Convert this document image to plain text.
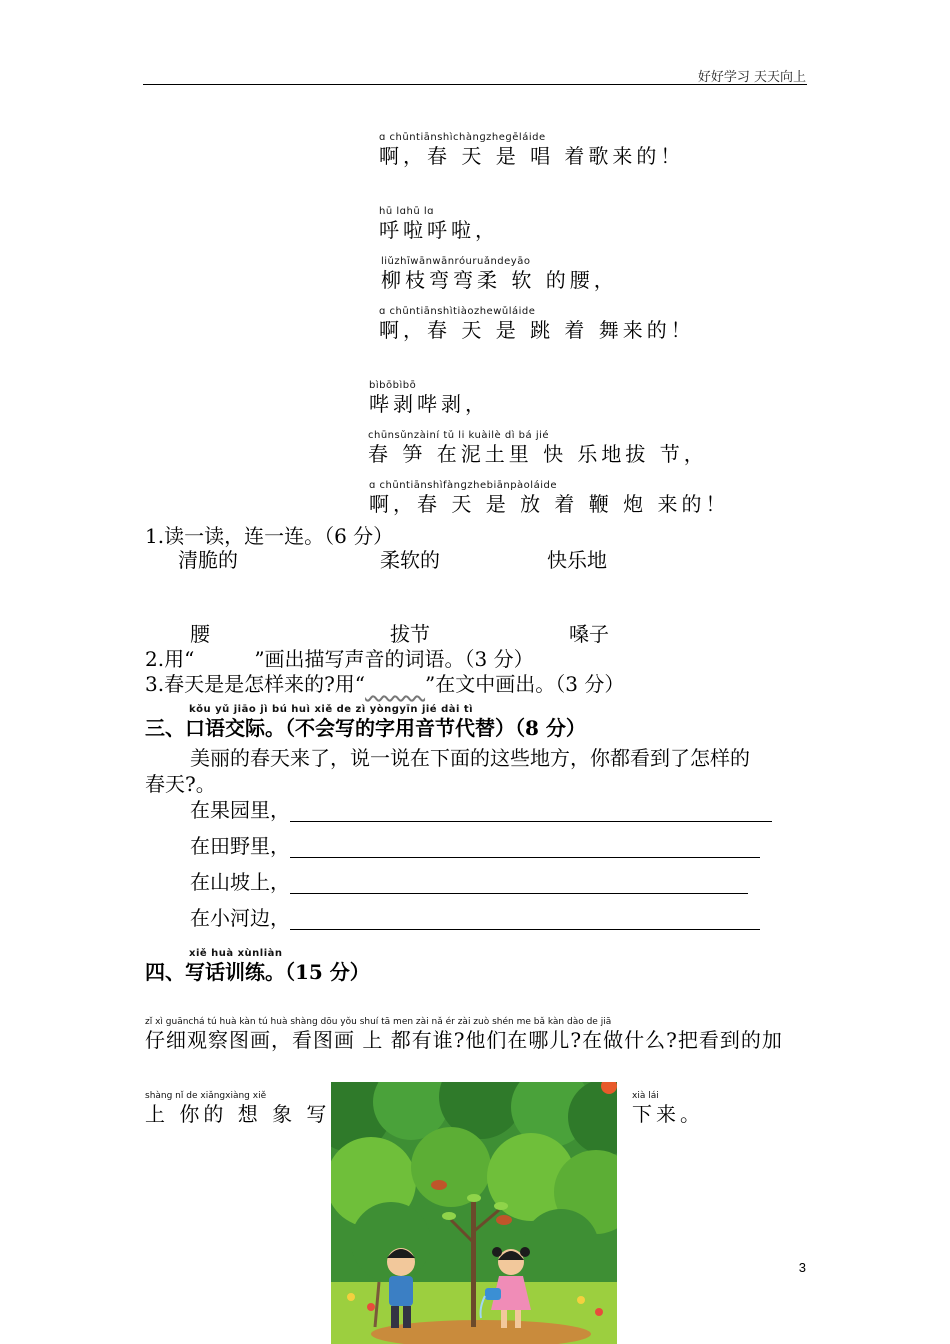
好好学习 天天向上
ɑ chūntiānshìchànɡzheɡēláide
啊，春 天 是 唱 着歌来的！
hū lɑhū lɑ
呼啦呼啦，
liǔzhīwānwānróuruǎndeyāo
柳枝弯弯柔 软 的腰，
ɑ chūntiānshìtiàozhewǔláide
啊，春 天 是 跳 着 舞来的！
bìbōbìbō
哔剥哔剥，
chūnsǔnzàiní tǔ li kuàilè dì bá jié
春 笋 在泥土里 快 乐地拔 节，
ɑ chūntiānshìfànɡzhebiānpàoláide
啊，春 天 是 放 着 鞭 炮 来的！
1.读一读，连一连。（6 分）
清脆的	柔软的	快乐地
腰	拔节	嗓子
2.用“	”画出描写声音的词语。（3 分）
3.春天是是怎样来的?用“	”在文中画出。（3 分）
kǒu yǔ jiāo jì bú huì xiě de zì yòngyīn jié dài tì
三、口语交际。（不会写的字用音节代替）（8 分）
美丽的春天来了，说一说在下面的这些地方，你都看到了怎样的
春天?。
在果园里，
在田野里，
在山坡上，
在小河边，
xiě huà xùnliàn
四、写话训练。（15 分）
zǐ xì guānchá tú huà kàn tú huà shàng dōu yǒu shuí tā men zài nǎ ér zài zuò shén me bǎ kàn dào de jiā
仔细观察图画，看图画 上 都有谁?他们在哪儿?在做什么?把看到的加
shàng nǐ de xiǎngxiàng xiě
上 你的 想 象 写
xià lái
下来。
3
